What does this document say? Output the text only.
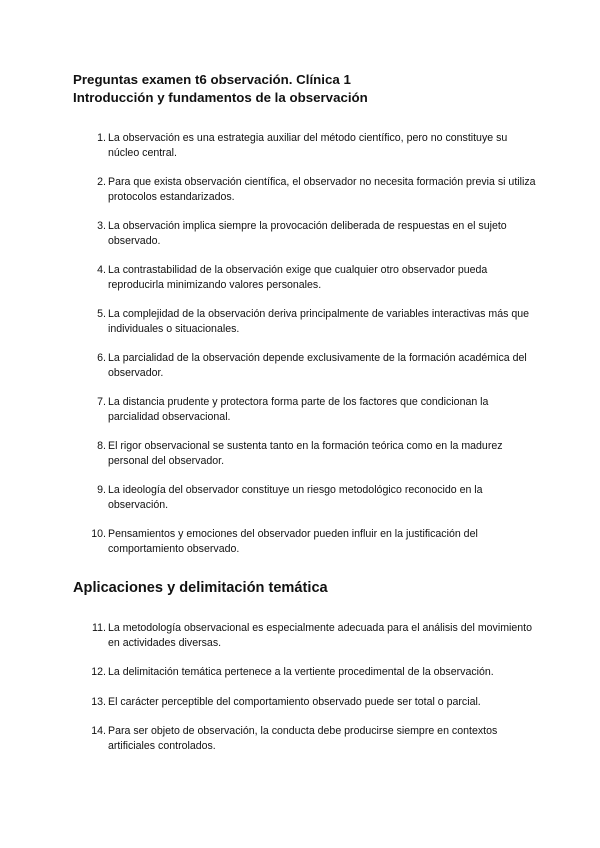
Preguntas examen t6 observación. Clínica 1
Introducción y fundamentos de la observación
1. La observación es una estrategia auxiliar del método científico, pero no constituye su núcleo central.
2. Para que exista observación científica, el observador no necesita formación previa si utiliza protocolos estandarizados.
3. La observación implica siempre la provocación deliberada de respuestas en el sujeto observado.
4. La contrastabilidad de la observación exige que cualquier otro observador pueda reproducirla minimizando valores personales.
5. La complejidad de la observación deriva principalmente de variables interactivas más que individuales o situacionales.
6. La parcialidad de la observación depende exclusivamente de la formación académica del observador.
7. La distancia prudente y protectora forma parte de los factores que condicionan la parcialidad observacional.
8. El rigor observacional se sustenta tanto en la formación teórica como en la madurez personal del observador.
9. La ideología del observador constituye un riesgo metodológico reconocido en la observación.
10. Pensamientos y emociones del observador pueden influir en la justificación del comportamiento observado.
Aplicaciones y delimitación temática
11. La metodología observacional es especialmente adecuada para el análisis del movimiento en actividades diversas.
12. La delimitación temática pertenece a la vertiente procedimental de la observación.
13. El carácter perceptible del comportamiento observado puede ser total o parcial.
14. Para ser objeto de observación, la conducta debe producirse siempre en contextos artificiales controlados.
